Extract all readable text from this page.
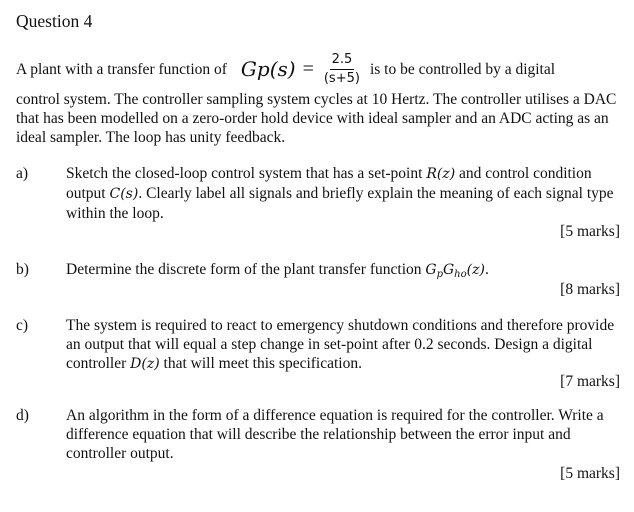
Question 4
A plant with a transfer function of $Gp(s) = \frac{2.5}{(s+5)}$ is to be controlled by a digital
control system. The controller sampling system cycles at 10 Hertz. The controller utilises a DAC that has been modelled on a zero-order hold device with ideal sampler and an ADC acting as an ideal sampler. The loop has unity feedback.
a) Sketch the closed-loop control system that has a set-point R(z) and control condition output C(s). Clearly label all signals and briefly explain the meaning of each signal type within the loop.
[5 marks]
b) Determine the discrete form of the plant transfer function $G_pG_{ho}(z)$.
[8 marks]
c) The system is required to react to emergency shutdown conditions and therefore provide an output that will equal a step change in set-point after 0.2 seconds. Design a digital controller D(z) that will meet this specification.
[7 marks]
d) An algorithm in the form of a difference equation is required for the controller. Write a difference equation that will describe the relationship between the error input and controller output.
[5 marks]
